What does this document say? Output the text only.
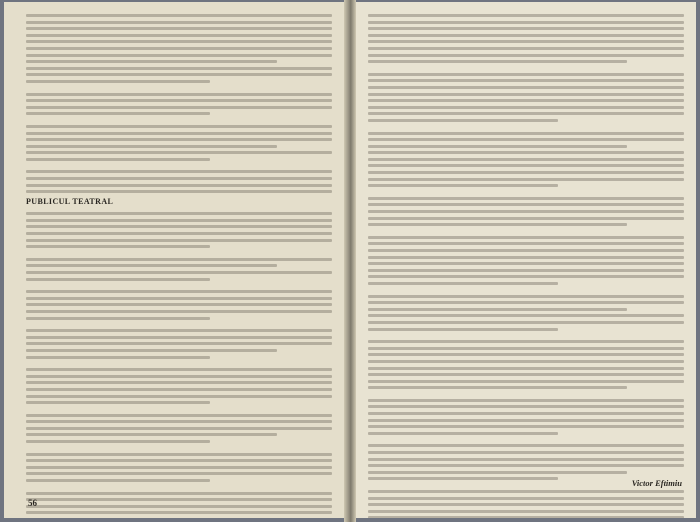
PUBLICUL TEATRAL
56
Victor Eftimiu
